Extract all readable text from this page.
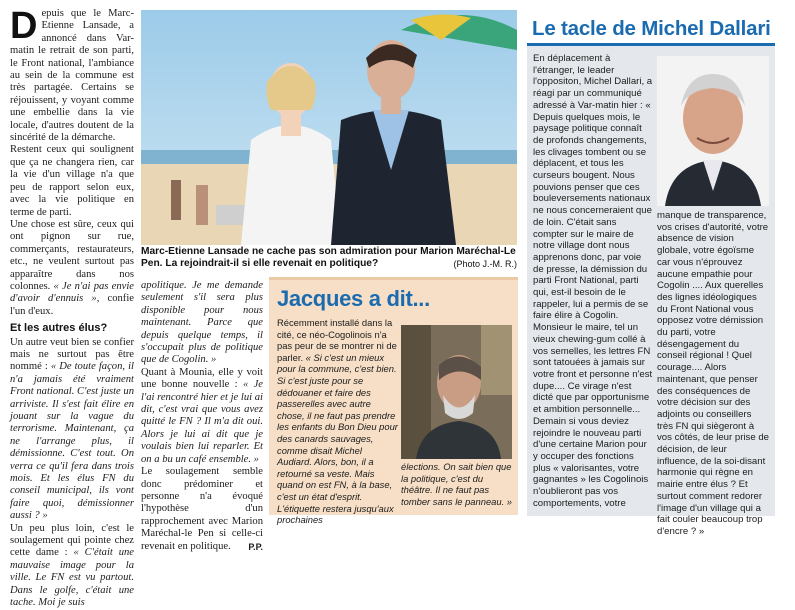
Depuis que le Marc-Etienne Lansade, a annoncé dans Var-matin le retrait de son parti, le Front national, l'ambiance au sein de la commune est très partagée. Certains se réjouissent, y voyant comme une embellie dans la vie locale, d'autres doutent de la sincérité de la démarche.

Restent ceux qui soulignent que ça ne changera rien, car la vie d'un village n'a que peu de rapport selon eux, avec la vie politique en terme de parti.

Une chose est sûre, ceux qui ont pignon sur rue, commerçants, restaurateurs, etc., ne veulent surtout pas apparaître dans nos colonnes. « Je n'ai pas envie d'avoir d'ennuis », confie l'un d'eux.

Et les autres élus?

Un autre veut bien se confier mais ne surtout pas être nommé : « De toute façon, il n'a jamais été vraiment Front national. C'est juste un arriviste. Il s'est fait élire en jouant sur la vague du terrorisme. Maintenant, ça ne l'arrange plus, il démissionne. C'est tout. On verra ce qu'il fera dans trois mois. Et les élus FN du conseil municipal, ils vont faire quoi, démissionner aussi ? »

Un peu plus loin, c'est le soulagement qui pointe chez cette dame : « C'était une mauvaise image pour la ville. Le FN est vu partout. Dans le golfe, c'était une tache. Moi je suis

apolitique. Je me demande seulement s'il sera plus disponible pour nous maintenant. Parce que depuis quelque temps, il s'occupait plus de politique que de Cogolin. »

Quant à Mounia, elle y voit une bonne nouvelle : « Je l'ai rencontré hier et je lui ai dit, c'est vrai que vous avez quitté le FN ? Il m'a dit oui. Alors je lui ai dit que je voulais bien lui reparler. Et on a bu un café ensemble. »

Le soulagement semble donc prédominer et personne n'a évoqué l'hypothèse d'un rapprochement avec Marion Maréchal-le Pen si celle-ci revenait en politique. P.P.

Marc-Etienne Lansade ne cache pas son admiration pour Marion Maréchal-Le Pen. La rejoindrait-il si elle revenait en politique?	(Photo J.-M. R.)
Jacques a dit...
Récemment installé dans la cité, ce néo-Cogolinois n'a pas peur de se montrer ni de parler. « Si c'est un mieux pour la commune, c'est bien. Si c'est juste pour se dédouaner et faire des passerelles avec autre chose, il ne faut pas prendre les enfants du Bon Dieu pour des canards sauvages, comme disait Michel Audiard. Alors, bon, il a retourné sa veste. Mais quand on est FN, à la base, c'est un état d'esprit. L'étiquette restera jusqu'aux prochaines
élections. On sait bien que la politique, c'est du théâtre. Il ne faut pas tomber sans le panneau. »
Le tacle de Michel Dallari
En déplacement à l'étranger, le leader l'oppositon, Michel Dallari, a réagi par un communiqué adressé à Var-matin hier : « Depuis quelques mois, le paysage politique connaît de profonds changements, les clivages tombent ou se déplacent, et tous les curseurs bougent. Nous pouvions penser que ces bouleversements nationaux ne nous concerneraient que de loin. C'était sans compter sur le maire de notre village dont nous apprenons donc, par voie de presse, la démission du parti Front National, parti qui, est-il besoin de le rappeler, lui a permis de se faire élire à Cogolin. Monsieur le maire, tel un vieux chewing-gum collé à vos semelles, les lettres FN sont tatouées à jamais sur votre front et personne n'est dupe.... Ce virage n'est dicté que par opportunisme et ambition personnelle... Demain si vous deviez rejoindre le nouveau parti d'une certaine Marion pour y occuper des fonctions plus « valorisantes, votre gagnantes » les Cogolinois n'oublieront pas vos comportements, votre
manque de transparence, vos crises d'autorité, votre absence de vision globale, votre égoïsme car vous n'éprouvez aucune empathie pour Cogolin .... Aux querelles des lignes idéologiques du Front National vous opposez votre démission du parti, votre désengagement du conseil régional ! Quel courage.... Alors maintenant, que penser des conséquences de votre décision sur des adjoints ou conseillers très FN qui siègeront à vos côtés, de leur prise de décision, de leur influence, de la soi-disant harmonie qui règne en mairie entre élus ? Et surtout comment redorer l'image d'un village qui a fait couler beaucoup trop d'encre ? »
